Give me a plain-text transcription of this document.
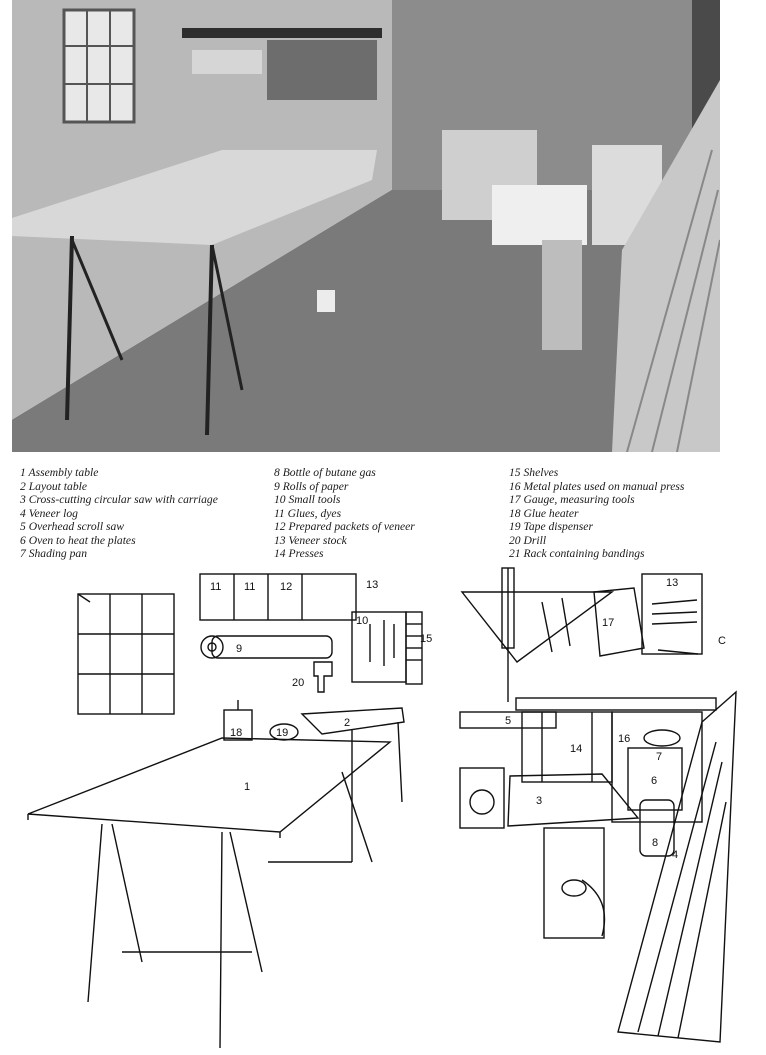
1 Assembly table
2 Layout table
3 Cross-cutting circular saw with carriage
4 Veneer log
5 Overhead scroll saw
6 Oven to heat the plates
7 Shading pan
8 Bottle of butane gas
9 Rolls of paper
10 Small tools
11 Glues, dyes
12 Prepared packets of veneer
13 Veneer stock
14 Presses
15 Shelves
16 Metal plates used on manual press
17 Gauge, measuring tools
18 Glue heater
19 Tape dispenser
20 Drill
21 Rack containing bandings
1
2
3
4
5
6
7
8
9
10
11 11 12	13	13
14
15
16
17
18	19
20
C
